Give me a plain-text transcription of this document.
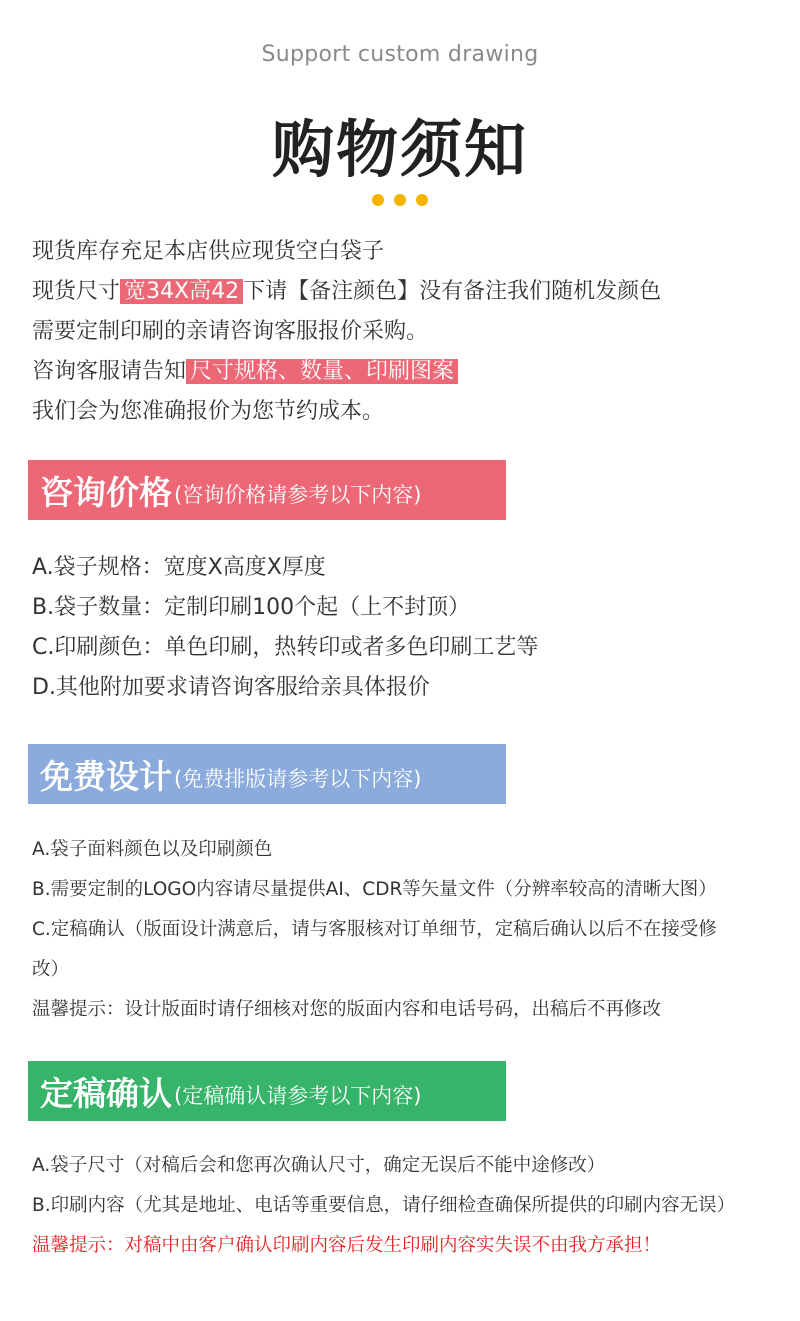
Support custom drawing
购物须知
现货库存充足本店供应现货空白袋子
现货尺寸 宽34X高42 下请【备注颜色】没有备注我们随机发颜色
需要定制印刷的亲请咨询客服报价采购。
咨询客服请告知 尺寸规格、数量、印刷图案
我们会为您准确报价为您节约成本。
咨询价格 (咨询价格请参考以下内容)
A.袋子规格：宽度X高度X厚度
B.袋子数量：定制印刷100个起（上不封顶）
C.印刷颜色：单色印刷，热转印或者多色印刷工艺等
D.其他附加要求请咨询客服给亲具体报价
免费设计 (免费排版请参考以下内容)
A.袋子面料颜色以及印刷颜色
B.需要定制的LOGO内容请尽量提供AI、CDR等矢量文件（分辨率较高的清晰大图）
C.定稿确认（版面设计满意后，请与客服核对订单细节，定稿后确认以后不在接受修
改）
温馨提示：设计版面时请仔细核对您的版面内容和电话号码，出稿后不再修改
定稿确认 (定稿确认请参考以下内容)
A.袋子尺寸（对稿后会和您再次确认尺寸，确定无误后不能中途修改）
B.印刷内容（尤其是地址、电话等重要信息，请仔细检查确保所提供的印刷内容无误）
温馨提示：对稿中由客户确认印刷内容后发生印刷内容实失误不由我方承担！
